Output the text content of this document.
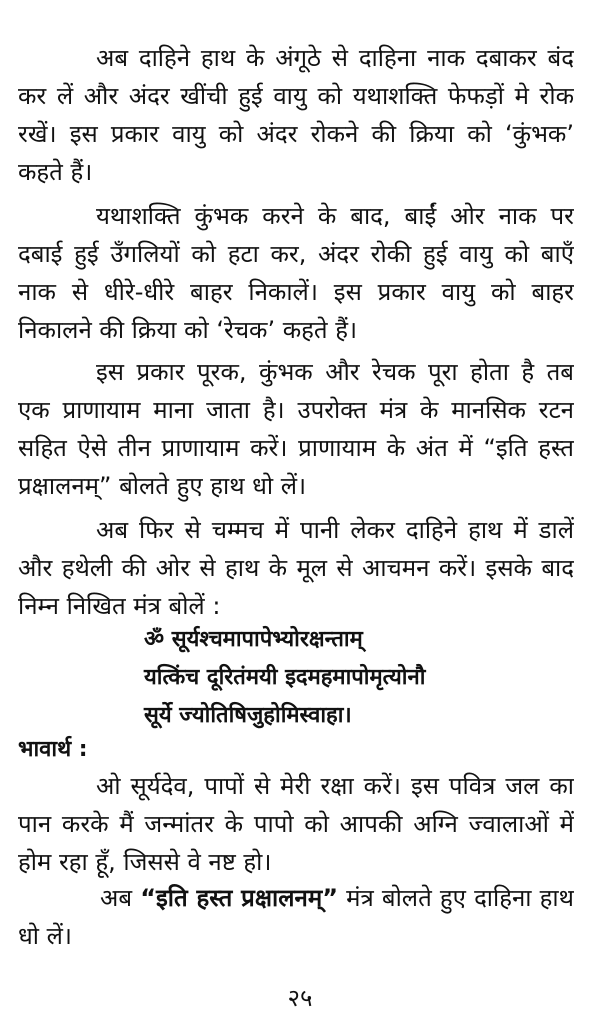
अब दाहिने हाथ के अंगूठे से दाहिना नाक दबाकर बंद
कर लें और अंदर खींची हुई वायु को यथाशक्ति फेफड़ों मे रोक
रखें। इस प्रकार वायु को अंदर रोकने की क्रिया को ‘कुंभक’
कहते हैं।
यथाशक्ति कुंभक करने के बाद, बाईं ओर नाक पर
दबाई हुई उँगलियों को हटा कर, अंदर रोकी हुई वायु को बाएँ
नाक से धीरे-धीरे बाहर निकालें। इस प्रकार वायु को बाहर
निकालने की क्रिया को ‘रेचक’ कहते हैं।
इस प्रकार पूरक, कुंभक और रेचक पूरा होता है तब
एक प्राणायाम माना जाता है। उपरोक्त मंत्र के मानसिक रटन
सहित ऐसे तीन प्राणायाम करें। प्राणायाम के अंत में “इति हस्त
प्रक्षालनम्” बोलते हुए हाथ धो लें।
अब फिर से चम्मच में पानी लेकर दाहिने हाथ में डालें
और हथेली की ओर से हाथ के मूल से आचमन करें। इसके बाद
निम्न निखित मंत्र बोलें :
ॐ सूर्यश्चमापापेभ्योरक्षन्ताम्
यत्किंच दूरितंमयी इदमहमापोमृत्योनौ
सूर्ये ज्योतिषिजुहोमिस्वाहा।
भावार्थ :
ओ सूर्यदेव, पापों से मेरी रक्षा करें। इस पवित्र जल का
पान करके मैं जन्मांतर के पापो को आपकी अग्नि ज्वालाओं में
होम रहा हूँ, जिससे वे नष्ट हो।
अब “इति हस्त प्रक्षालनम्” मंत्र बोलते हुए दाहिना हाथ
धो लें।
२५
